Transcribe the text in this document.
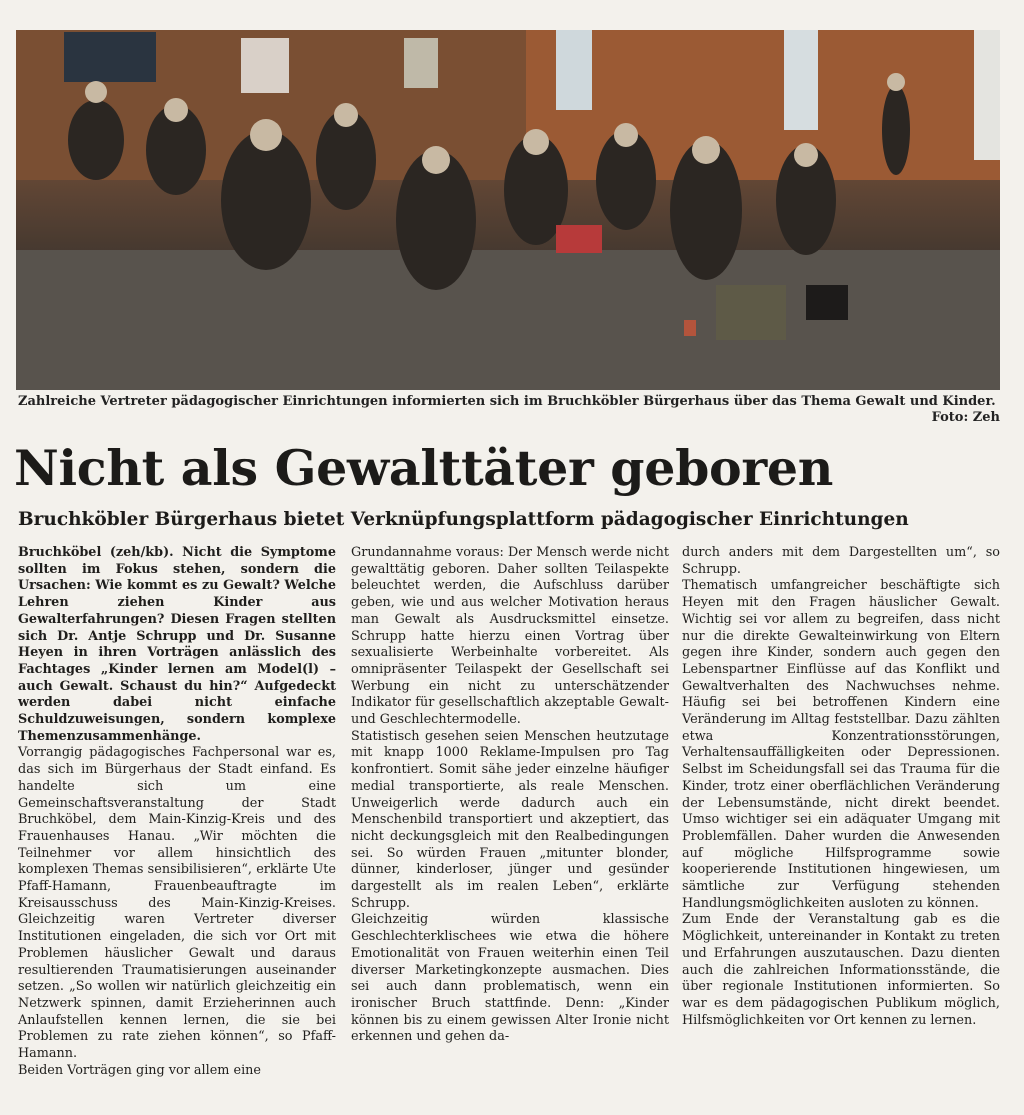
Zahlreiche Vertreter pädagogischer Einrichtungen informierten sich im Bruchköbler Bürgerhaus über das Thema Gewalt und Kinder.
Foto: Zeh
Nicht als Gewalttäter geboren
Bruchköbler Bürgerhaus bietet Verknüpfungsplattform pädagogischer Einrichtungen

Bruchköbel (zeh/kb). Nicht die Symptome sollten im Fokus stehen, sondern die Ursachen: Wie kommt es zu Gewalt? Welche Lehren ziehen Kinder aus Gewalterfahrungen? Diesen Fragen stellten sich Dr. Antje Schrupp und Dr. Susanne Heyen in ihren Vorträgen anlässlich des Fachtages „Kinder lernen am Model(l) – auch Gewalt. Schaust du hin?“ Aufgedeckt werden dabei nicht einfache Schuldzuweisungen, sondern komplexe Themenzusammenhänge.

Vorrangig pädagogisches Fachpersonal war es, das sich im Bürgerhaus der Stadt einfand. Es handelte sich um eine Gemeinschaftsveranstaltung der Stadt Bruchköbel, dem Main-Kinzig-Kreis und des Frauenhauses Hanau. „Wir möchten die Teilnehmer vor allem hinsichtlich des komplexen Themas sensibilisieren“, erklärte Ute Pfaff-Hamann, Frauenbeauftragte im Kreisausschuss des Main-Kinzig-Kreises. Gleichzeitig waren Vertreter diverser Institutionen eingeladen, die sich vor Ort mit Problemen häuslicher Gewalt und daraus resultierenden Traumatisierungen auseinander setzen. „So wollen wir natürlich gleichzeitig ein Netzwerk spinnen, damit Erzieherinnen auch Anlaufstellen kennen lernen, die sie bei Problemen zu rate ziehen können“, so Pfaff-Hamann.

Beiden Vorträgen ging vor allem eine

Grundannahme voraus: Der Mensch werde nicht gewalttätig geboren. Daher sollten Teilaspekte beleuchtet werden, die Aufschluss darüber geben, wie und aus welcher Motivation heraus man Gewalt als Ausdrucksmittel einsetze. Schrupp hatte hierzu einen Vortrag über sexualisierte Werbeinhalte vorbereitet. Als omnipräsenter Teilaspekt der Gesellschaft sei Werbung ein nicht zu unterschätzender Indikator für gesellschaftlich akzeptable Gewalt- und Geschlechtermodelle.

Statistisch gesehen seien Menschen heutzutage mit knapp 1000 Reklame-Impulsen pro Tag konfrontiert. Somit sähe jeder einzelne häufiger medial transportierte, als reale Menschen. Unweigerlich werde dadurch auch ein Menschenbild transportiert und akzeptiert, das nicht deckungsgleich mit den Realbedingungen sei. So würden Frauen „mitunter blonder, dünner, kinderloser, jünger und gesünder dargestellt als im realen Leben“, erklärte Schrupp.

Gleichzeitig würden klassische Geschlechterklischees wie etwa die höhere Emotionalität von Frauen weiterhin einen Teil diverser Marketingkonzepte ausmachen. Dies sei auch dann problematisch, wenn ein ironischer Bruch stattfinde. Denn: „Kinder können bis zu einem gewissen Alter Ironie nicht erkennen und gehen da-

durch anders mit dem Dargestellten um“, so Schrupp.

Thematisch umfangreicher beschäftigte sich Heyen mit den Fragen häuslicher Gewalt. Wichtig sei vor allem zu begreifen, dass nicht nur die direkte Gewalteinwirkung von Eltern gegen ihre Kinder, sondern auch gegen den Lebenspartner Einflüsse auf das Konflikt und Gewaltverhalten des Nachwuchses nehme. Häufig sei bei betroffenen Kindern eine Veränderung im Alltag feststellbar. Dazu zählten etwa Konzentrationsstörungen, Verhaltensauffälligkeiten oder Depressionen. Selbst im Scheidungsfall sei das Trauma für die Kinder, trotz einer oberflächlichen Veränderung der Lebensumstände, nicht direkt beendet. Umso wichtiger sei ein adäquater Umgang mit Problemfällen. Daher wurden die Anwesenden auf mögliche Hilfsprogramme sowie kooperierende Institutionen hingewiesen, um sämtliche zur Verfügung stehenden Handlungsmöglichkeiten ausloten zu können.

Zum Ende der Veranstaltung gab es die Möglichkeit, untereinander in Kontakt zu treten und Erfahrungen auszutauschen. Dazu dienten auch die zahlreichen Informationsstände, die über regionale Institutionen informierten. So war es dem pädagogischen Publikum möglich, Hilfsmöglichkeiten vor Ort kennen zu lernen.
